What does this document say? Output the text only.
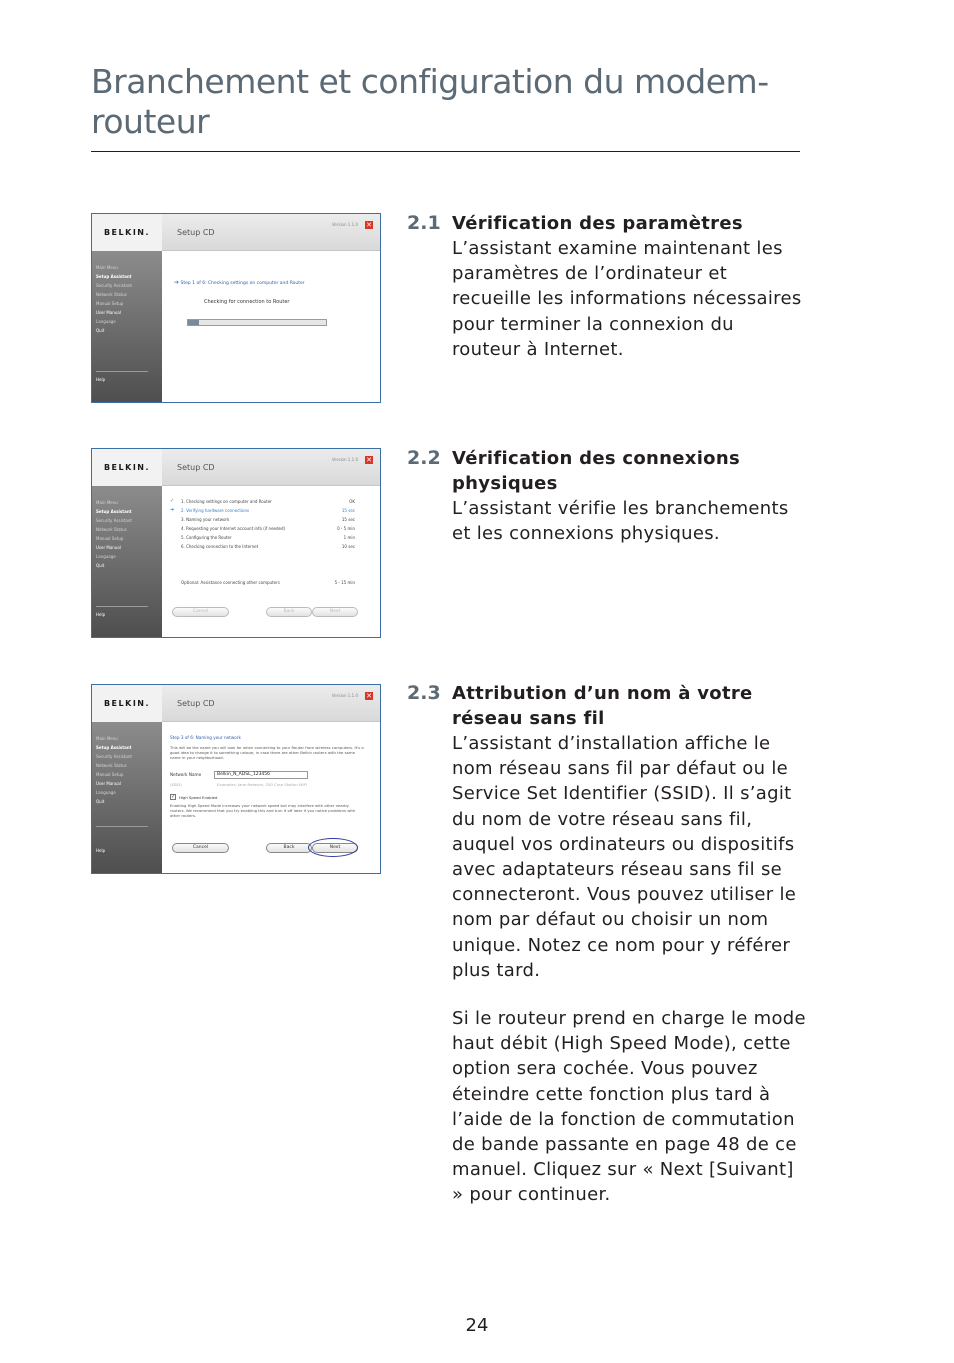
Branchement et configuration du modem-routeur
BELKIN.	Setup CD
Version 1.1.0 ✕
Main Menu
Setup Assistant
Security Assistant
Network Status
Manual Setup
User Manual
Language
Quit
Help
➔ Step 1 of 6: Checking settings on computer and Router
Checking for connection to Router
2.1 Vérification des paramètres
L’assistant examine maintenant les paramètres de l’ordinateur et recueille les informations nécessaires pour terminer la connexion du routeur à Internet.
BELKIN.	Setup CD
Version 1.1.0 ✕
Main Menu
Setup Assistant
Security Assistant
Network Status
Manual Setup
User Manual
Language
Quit
Help
✓	1. Checking settings on computer and Router	OK
➔	2. Verifying hardware connections	15 sec
3. Naming your network	15 sec
4. Requesting your Internet account info (if needed)	0 - 5 min
5. Configuring the Router	1 min
6. Checking connection to the Internet	10 sec
Optional: Assistance connecting other computers	5 - 15 min
Cancel	Back	Next
2.2 Vérification des connexions physiques
L’assistant vérifie les branchements et les connexions physiques.
BELKIN.	Setup CD
Version 1.1.0 ✕
Main Menu
Setup Assistant
Security Assistant
Network Status
Manual Setup
User Manual
Language
Quit
Help
Step 3 of 6: Naming your network
This will be the name you will look for when connecting to your Router from wireless computers. It's a good idea to change it to something unique, in case there are other Belkin routers with the same name in your neighborhood.
Network Name	Belkin_N_ADSL_123456
(SSID)	Examples: Jane Network, 250 Corp Station WiFi
✓ High Speed Enabled
Enabling High Speed Mode increases your network speed but may interfere with other nearby routers. We recommend that you try enabling this and turn it off later if you notice problems with other routers.
Cancel	Back	Next
2.3 Attribution d’un nom à votre réseau sans fil
L’assistant d’installation affiche le nom réseau sans fil par défaut ou le Service Set Identifier (SSID). Il s’agit du nom de votre réseau sans fil, auquel vos ordinateurs ou dispositifs avec adaptateurs réseau sans fil se connecteront. Vous pouvez utiliser le nom par défaut ou choisir un nom unique. Notez ce nom pour y référer plus tard.
Si le routeur prend en charge le mode haut débit (High Speed Mode), cette option sera cochée. Vous pouvez éteindre cette fonction plus tard à l’aide de la fonction de commutation de bande passante en page 48 de ce manuel. Cliquez sur « Next [Suivant] » pour continuer.
24
